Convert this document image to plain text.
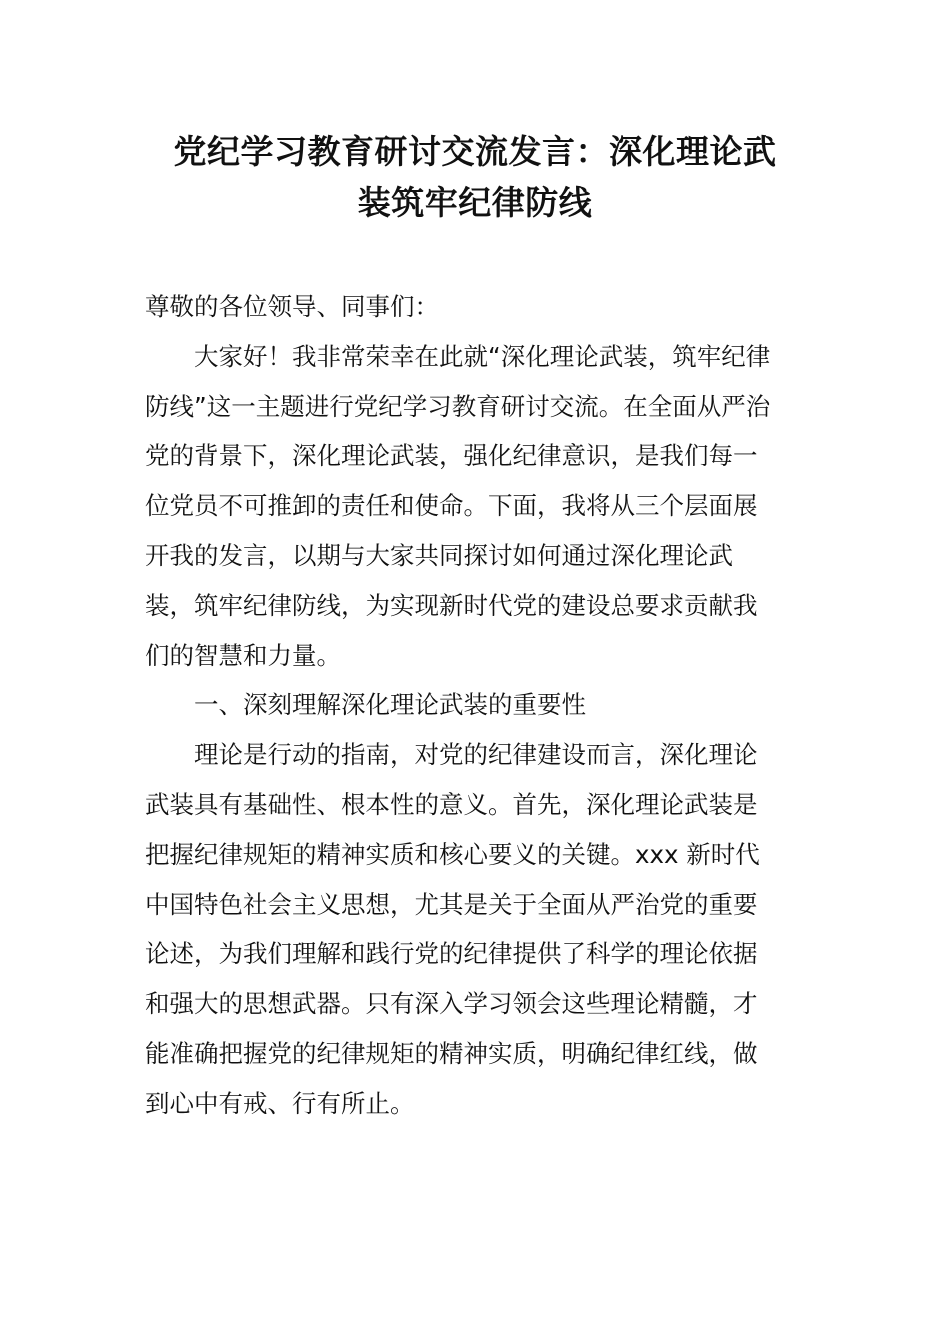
党纪学习教育研讨交流发言：深化理论武
装筑牢纪律防线
尊敬的各位领导、同事们：
大家好！我非常荣幸在此就“深化理论武装，筑牢纪律
防线”这一主题进行党纪学习教育研讨交流。在全面从严治
党的背景下，深化理论武装，强化纪律意识，是我们每一
位党员不可推卸的责任和使命。下面，我将从三个层面展
开我的发言，以期与大家共同探讨如何通过深化理论武
装，筑牢纪律防线，为实现新时代党的建设总要求贡献我
们的智慧和力量。
一、深刻理解深化理论武装的重要性
理论是行动的指南，对党的纪律建设而言，深化理论
武装具有基础性、根本性的意义。首先，深化理论武装是
把握纪律规矩的精神实质和核心要义的关键。xxx 新时代
中国特色社会主义思想，尤其是关于全面从严治党的重要
论述，为我们理解和践行党的纪律提供了科学的理论依据
和强大的思想武器。只有深入学习领会这些理论精髓，才
能准确把握党的纪律规矩的精神实质，明确纪律红线，做
到心中有戒、行有所止。
